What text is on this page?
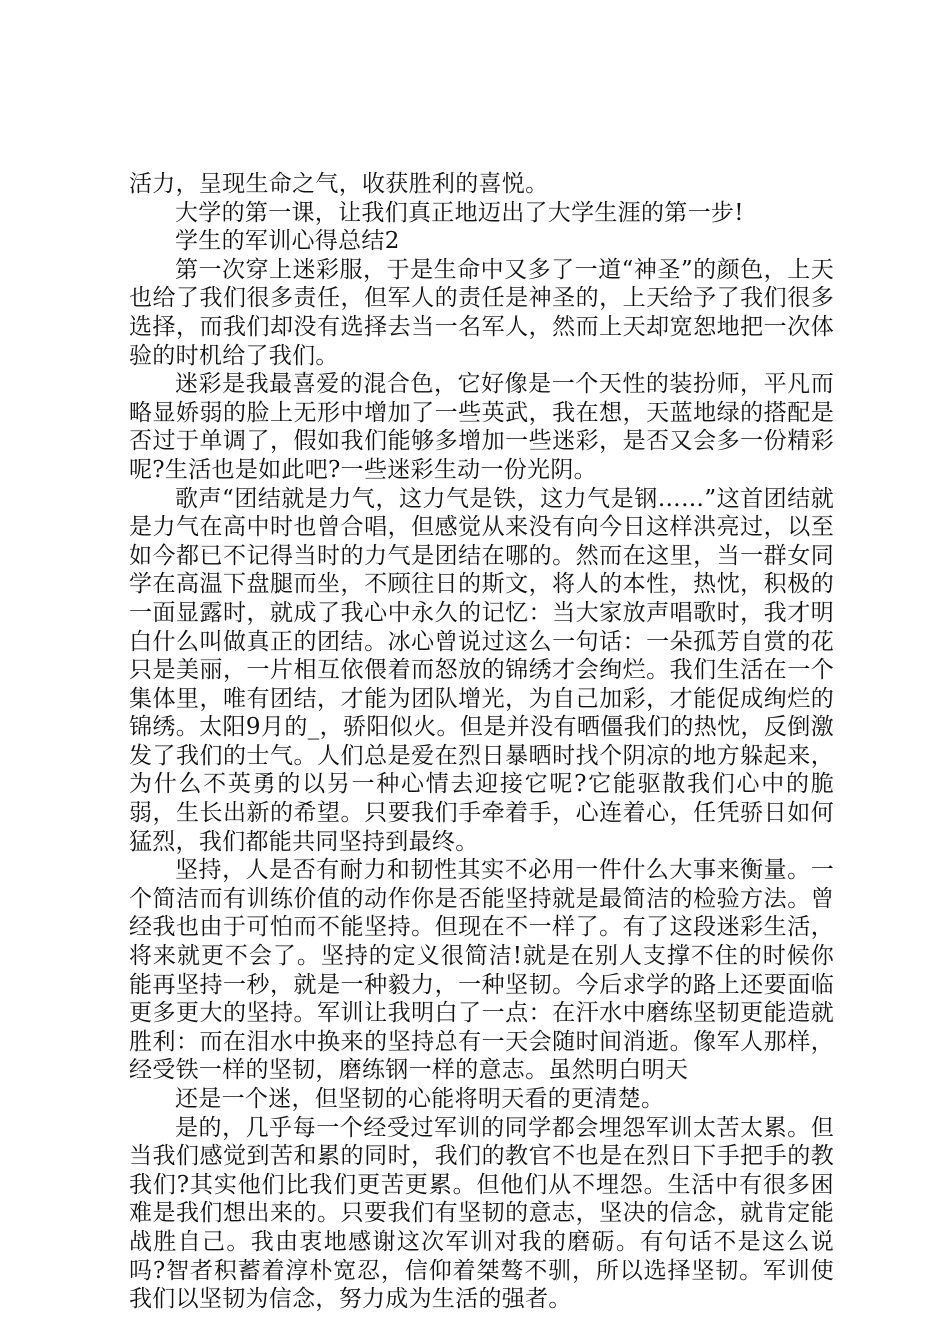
活力，呈现生命之气，收获胜利的喜悦。

大学的第一课，让我们真正地迈出了大学生涯的第一步!

学生的军训心得总结2

第一次穿上迷彩服，于是生命中又多了一道“神圣”的颜色，上天也给了我们很多责任，但军人的责任是神圣的，上天给予了我们很多选择，而我们却没有选择去当一名军人，然而上天却宽恕地把一次体验的时机给了我们。

迷彩是我最喜爱的混合色，它好像是一个天性的装扮师，平凡而略显娇弱的脸上无形中增加了一些英武，我在想，天蓝地绿的搭配是否过于单调了，假如我们能够多增加一些迷彩，是否又会多一份精彩呢?生活也是如此吧?一些迷彩生动一份光阴。

歌声“团结就是力气，这力气是铁，这力气是钢……”这首团结就是力气在高中时也曾合唱，但感觉从来没有向今日这样洪亮过，以至如今都已不记得当时的力气是团结在哪的。然而在这里，当一群女同学在高温下盘腿而坐，不顾往日的斯文，将人的本性，热忱，积极的一面显露时，就成了我心中永久的记忆：当大家放声唱歌时，我才明白什么叫做真正的团结。冰心曾说过这么一句话：一朵孤芳自赏的花只是美丽，一片相互依偎着而怒放的锦绣才会绚烂。我们生活在一个集体里，唯有团结，才能为团队增光，为自己加彩，才能促成绚烂的锦绣。太阳9月的_，骄阳似火。但是并没有晒僵我们的热忱，反倒激发了我们的士气。人们总是爱在烈日暴晒时找个阴凉的地方躲起来，为什么不英勇的以另一种心情去迎接它呢?它能驱散我们心中的脆弱，生长出新的希望。只要我们手牵着手，心连着心，任凭骄日如何猛烈，我们都能共同坚持到最终。

坚持，人是否有耐力和韧性其实不必用一件什么大事来衡量。一个简洁而有训练价值的动作你是否能坚持就是最简洁的检验方法。曾经我也由于可怕而不能坚持。但现在不一样了。有了这段迷彩生活，将来就更不会了。坚持的定义很简洁!就是在别人支撑不住的时候你能再坚持一秒，就是一种毅力，一种坚韧。今后求学的路上还要面临更多更大的坚持。军训让我明白了一点：在汗水中磨练坚韧更能造就胜利：而在泪水中换来的坚持总有一天会随时间消逝。像军人那样，经受铁一样的坚韧，磨练钢一样的意志。虽然明白明天

还是一个迷，但坚韧的心能将明天看的更清楚。

是的，几乎每一个经受过军训的同学都会埋怨军训太苦太累。但当我们感觉到苦和累的同时，我们的教官不也是在烈日下手把手的教我们?其实他们比我们更苦更累。但他们从不埋怨。生活中有很多困难是我们想出来的。只要我们有坚韧的意志，坚决的信念，就肯定能战胜自己。我由衷地感谢这次军训对我的磨砺。有句话不是这么说吗?智者积蓄着淳朴宽忍，信仰着桀骜不驯，所以选择坚韧。军训使我们以坚韧为信念，努力成为生活的强者。
